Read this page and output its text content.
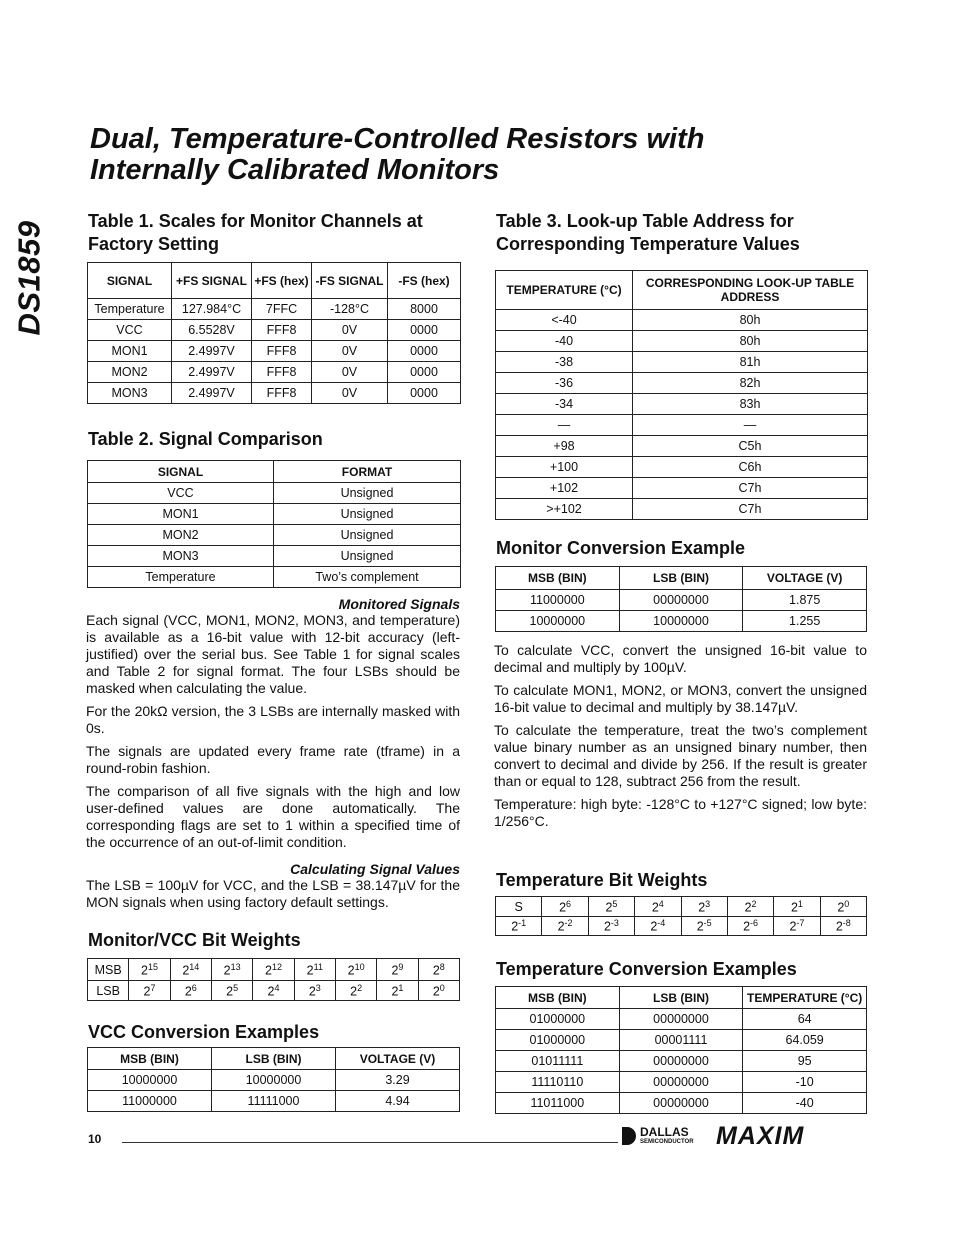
DS1859
Dual, Temperature-Controlled Resistors with
Internally Calibrated Monitors
Table 1. Scales for Monitor Channels at Factory Setting
SIGNAL	+FS SIGNAL	+FS (hex)	-FS SIGNAL	-FS (hex)
Temperature	127.984°C	7FFC	-128°C	8000
VCC	6.5528V	FFF8	0V	0000
MON1	2.4997V	FFF8	0V	0000
MON2	2.4997V	FFF8	0V	0000
MON3	2.4997V	FFF8	0V	0000
Table 2. Signal Comparison
SIGNAL	FORMAT
VCC	Unsigned
MON1	Unsigned
MON2	Unsigned
MON3	Unsigned
Temperature	Two’s complement
Monitored Signals

Each signal (VCC, MON1, MON2, MON3, and temperature) is available as a 16-bit value with 12-bit accuracy (left-justified) over the serial bus. See Table 1 for signal scales and Table 2 for signal format. The four LSBs should be masked when calculating the value.

For the 20kΩ version, the 3 LSBs are internally masked with 0s.

The signals are updated every frame rate (tframe) in a round-robin fashion.

The comparison of all five signals with the high and low user-defined values are done automatically. The corresponding flags are set to 1 within a specified time of the occurrence of an out-of-limit condition.

Calculating Signal Values

The LSB = 100µV for VCC, and the LSB = 38.147µV for the MON signals when using factory default settings.

Monitor/VCC Bit Weights
MSB	$2^{15}$	$2^{14}$	$2^{13}$	$2^{12}$	$2^{11}$	$2^{10}$	$2^9$	$2^8$
LSB	$2^7$	$2^6$	$2^5$	$2^4$	$2^3$	$2^2$	$2^1$	$2^0$
VCC Conversion Examples
MSB (BIN)	LSB (BIN)	VOLTAGE (V)
10000000	10000000	3.29
11000000	11111000	4.94
Table 3. Look-up Table Address for Corresponding Temperature Values
TEMPERATURE (°C)	CORRESPONDING LOOK-UP TABLE ADDRESS
<-40	80h
-40	80h
-38	81h
-36	82h
-34	83h
—	—
+98	C5h
+100	C6h
+102	C7h
>+102	C7h
Monitor Conversion Example
MSB (BIN)	LSB (BIN)	VOLTAGE (V)
11000000	00000000	1.875
10000000	10000000	1.255

To calculate VCC, convert the unsigned 16-bit value to decimal and multiply by 100µV.

To calculate MON1, MON2, or MON3, convert the unsigned 16-bit value to decimal and multiply by 38.147µV.

To calculate the temperature, treat the two’s complement value binary number as an unsigned binary number, then convert to decimal and divide by 256. If the result is greater than or equal to 128, subtract 256 from the result.

Temperature: high byte: -128°C to +127°C signed; low byte: 1/256°C.

Temperature Bit Weights
S	$2^6$	$2^5$	$2^4$	$2^3$	$2^2$	$2^1$	$2^0$
$2^{-1}$	$2^{-2}$	$2^{-3}$	$2^{-4}$	$2^{-5}$	$2^{-6}$	$2^{-7}$	$2^{-8}$
Temperature Conversion Examples
MSB (BIN)	LSB (BIN)	TEMPERATURE (°C)
01000000	00000000	64
01000000	00001111	64.059
01011111	00000000	95
11110110	00000000	-10
11011000	00000000	-40
10	DALLAS
SEMICONDUCTOR MAXIM
